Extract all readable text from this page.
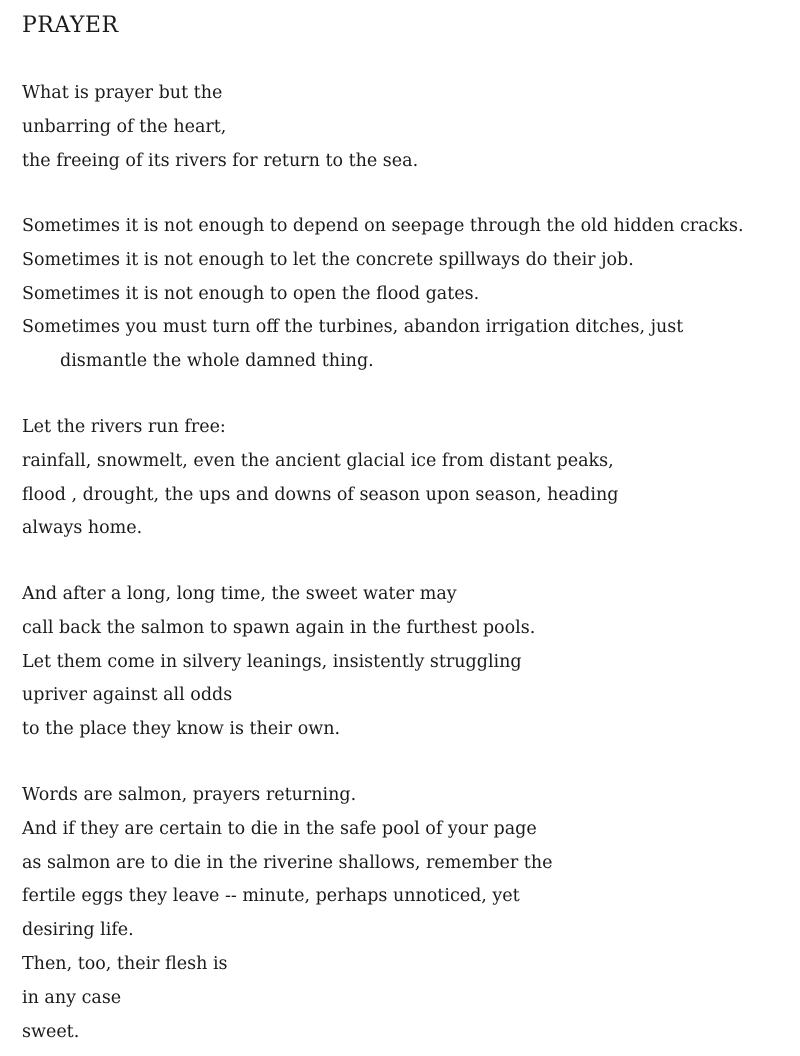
PRAYER
What is prayer but the
unbarring of the heart,
the freeing of its rivers for return to the sea.
Sometimes it is not enough to depend on seepage through the old hidden cracks.
Sometimes it is not enough to let the concrete spillways do their job.
Sometimes it is not enough to open the flood gates.
Sometimes you must turn off the turbines, abandon irrigation ditches, just
dismantle the whole damned thing.
Let the rivers run free:
rainfall, snowmelt, even the ancient glacial ice from distant peaks,
flood , drought, the ups and downs of season upon season, heading
always home.
And after a long, long time, the sweet water may
call back the salmon to spawn again in the furthest pools.
Let them come in silvery leanings, insistently struggling
upriver against all odds
to the place they know is their own.
Words are salmon, prayers returning.
And if they are certain to die in the safe pool of your page
as salmon are to die in the riverine shallows, remember the
fertile eggs they leave -- minute, perhaps unnoticed, yet
desiring life.
Then, too, their flesh is
in any case
sweet.
